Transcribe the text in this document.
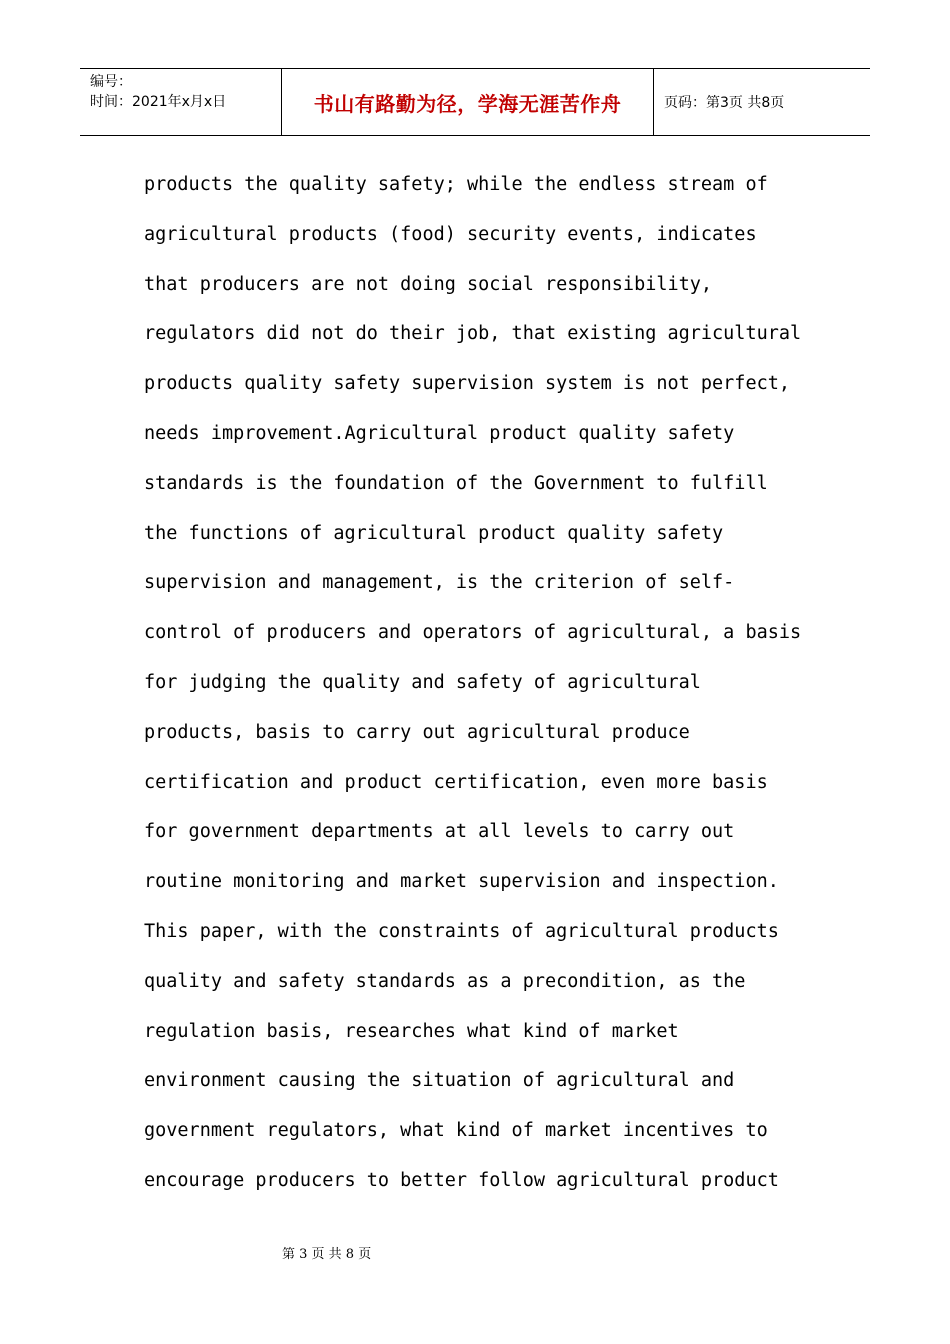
编号：
时间：2021年x月x日	书山有路勤为径，学海无涯苦作舟	页码：第3页 共8页
products the quality safety; while the endless stream of
agricultural products (food) security events, indicates
that producers are not doing social responsibility,
regulators did not do their job, that existing agricultural
products quality safety supervision system is not perfect,
needs improvement.Agricultural product quality safety
standards is the foundation of the Government to fulfill
the functions of agricultural product quality safety
supervision and management, is the criterion of self-
control of producers and operators of agricultural, a basis
for judging the quality and safety of agricultural
products, basis to carry out agricultural produce
certification and product certification, even more basis
for government departments at all levels to carry out
routine monitoring and market supervision and inspection.
This paper, with the constraints of agricultural products
quality and safety standards as a precondition, as the
regulation basis, researches what kind of market
environment causing the situation of agricultural and
government regulators, what kind of market incentives to
encourage producers to better follow agricultural product
第 3 页 共 8 页
